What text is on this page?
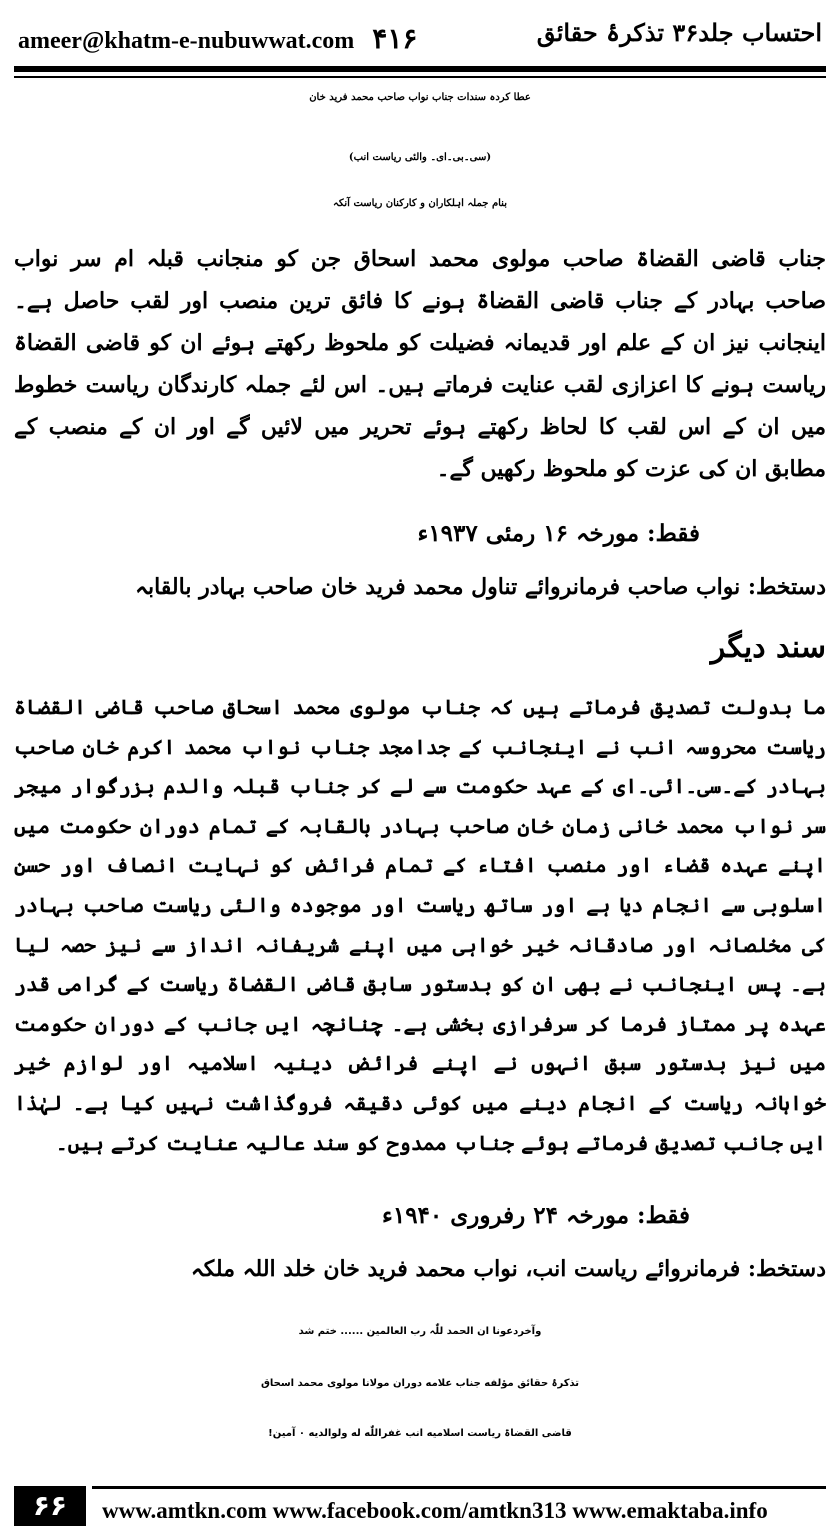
ameer@khatm-e-nubuwwat.com ۴۱۶	احتساب جلد۳۶ تذکرۂ حقائق
عطا کردہ سندات جناب نواب صاحب محمد فرید خان
(سی۔بی۔ای۔ والئی ریاست انب)
بنام جملہ اہلکاران و کارکنان ریاست آنکہ
جناب قاضی القضاۃ صاحب مولوی محمد اسحاق جن کو منجانب قبلہ ام سر نواب صاحب بہادر کے جناب قاضی القضاۃ ہونے کا فائق ترین منصب اور لقب حاصل ہے۔ اینجانب نیز ان کے علم اور قدیمانہ فضیلت کو ملحوظ رکھتے ہوئے ان کو قاضی القضاۃ ریاست ہونے کا اعزازی لقب عنایت فرماتے ہیں۔ اس لئے جملہ کارندگان ریاست خطوط میں ان کے اس لقب کا لحاظ رکھتے ہوئے تحریر میں لائیں گے اور ان کے منصب کے مطابق ان کی عزت کو ملحوظ رکھیں گے۔
فقط: مورخہ ۱۶ رمئی ۱۹۳۷ء
دستخط: نواب صاحب فرمانروائے تناول محمد فرید خان صاحب بہادر بالقابہ
سند دیگر
ما بدولت تصدیق فرماتے ہیں کہ جناب مولوی محمد اسحاق صاحب قاضی القضاۃ ریاست محروسہ انب نے اینجانب کے جدامجد جناب نواب محمد اکرم خان صاحب بہادر کے۔سی۔ائی۔ای کے عہد حکومت سے لے کر جناب قبلہ والدم بزرگوار میجر سر نواب محمد خانی زمان خان صاحب بہادر بالقابہ کے تمام دوران حکومت میں اپنے عہدہ قضاء اور منصب افتاء کے تمام فرائض کو نہایت انصاف اور حسن اسلوبی سے انجام دیا ہے اور ساتھ ریاست اور موجودہ والئی ریاست صاحب بہادر کی مخلصانہ اور صادقانہ خیر خواہی میں اپنے شریفانہ انداز سے نیز حصہ لیا ہے۔ پس اینجانب نے بھی ان کو بدستور سابق قاضی القضاۃ ریاست کے گرامی قدر عہدہ پر ممتاز فرما کر سرفرازی بخشی ہے۔ چنانچہ ایں جانب کے دوران حکومت میں نیز بدستور سبق انہوں نے اپنے فرائض دینیہ اسلامیہ اور لوازم خیر خواہانہ ریاست کے انجام دینے میں کوئی دقیقہ فروگذاشت نہیں کیا ہے۔ لہٰذا ایں جانب تصدیق فرماتے ہوئے جناب ممدوح کو سند عالیہ عنایت کرتے ہیں۔
فقط: مورخہ ۲۴ رفروری ۱۹۴۰ء
دستخط: فرمانروائے ریاست انب، نواب محمد فرید خان خلد اللہ ملکہ
وآخردعونا ان الحمد للّٰہ رب العالمین ...... ختم شد
تذکرۂ حقائق مؤلفه جناب علامه دوران مولانا مولوی محمد اسحاق
قاضی القضاۃ ریاست اسلامیه انب غفراللّٰه له ولوالدیه ۰ آمین!
۶۶	www.amtkn.com www.facebook.com/amtkn313 www.emaktaba.info
